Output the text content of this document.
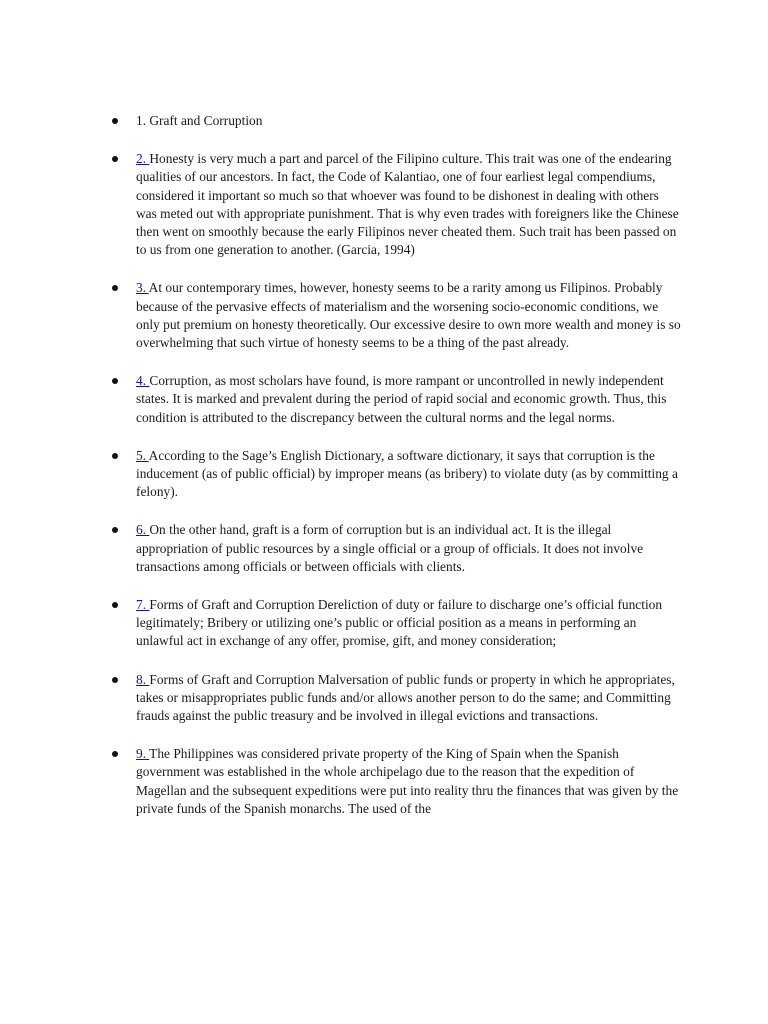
1. Graft and Corruption
2. Honesty is very much a part and parcel of the Filipino culture. This trait was one of the endearing qualities of our ancestors. In fact, the Code of Kalantiao, one of four earliest legal compendiums, considered it important so much so that whoever was found to be dishonest in dealing with others was meted out with appropriate punishment. That is why even trades with foreigners like the Chinese then went on smoothly because the early Filipinos never cheated them. Such trait has been passed on to us from one generation to another. (Garcia, 1994)
3. At our contemporary times, however, honesty seems to be a rarity among us Filipinos. Probably because of the pervasive effects of materialism and the worsening socio-economic conditions, we only put premium on honesty theoretically. Our excessive desire to own more wealth and money is so overwhelming that such virtue of honesty seems to be a thing of the past already.
4. Corruption, as most scholars have found, is more rampant or uncontrolled in newly independent states. It is marked and prevalent during the period of rapid social and economic growth. Thus, this condition is attributed to the discrepancy between the cultural norms and the legal norms.
5. According to the Sage’s English Dictionary, a software dictionary, it says that corruption is the inducement (as of public official) by improper means (as bribery) to violate duty (as by committing a felony).
6. On the other hand, graft is a form of corruption but is an individual act. It is the illegal appropriation of public resources by a single official or a group of officials. It does not involve transactions among officials or between officials with clients.
7. Forms of Graft and Corruption Dereliction of duty or failure to discharge one’s official function legitimately; Bribery or utilizing one’s public or official position as a means in performing an unlawful act in exchange of any offer, promise, gift, and money consideration;
8. Forms of Graft and Corruption Malversation of public funds or property in which he appropriates, takes or misappropriates public funds and/or allows another person to do the same; and Committing frauds against the public treasury and be involved in illegal evictions and transactions.
9. The Philippines was considered private property of the King of Spain when the Spanish government was established in the whole archipelago due to the reason that the expedition of Magellan and the subsequent expeditions were put into reality thru the finances that was given by the private funds of the Spanish monarchs. The used of the
